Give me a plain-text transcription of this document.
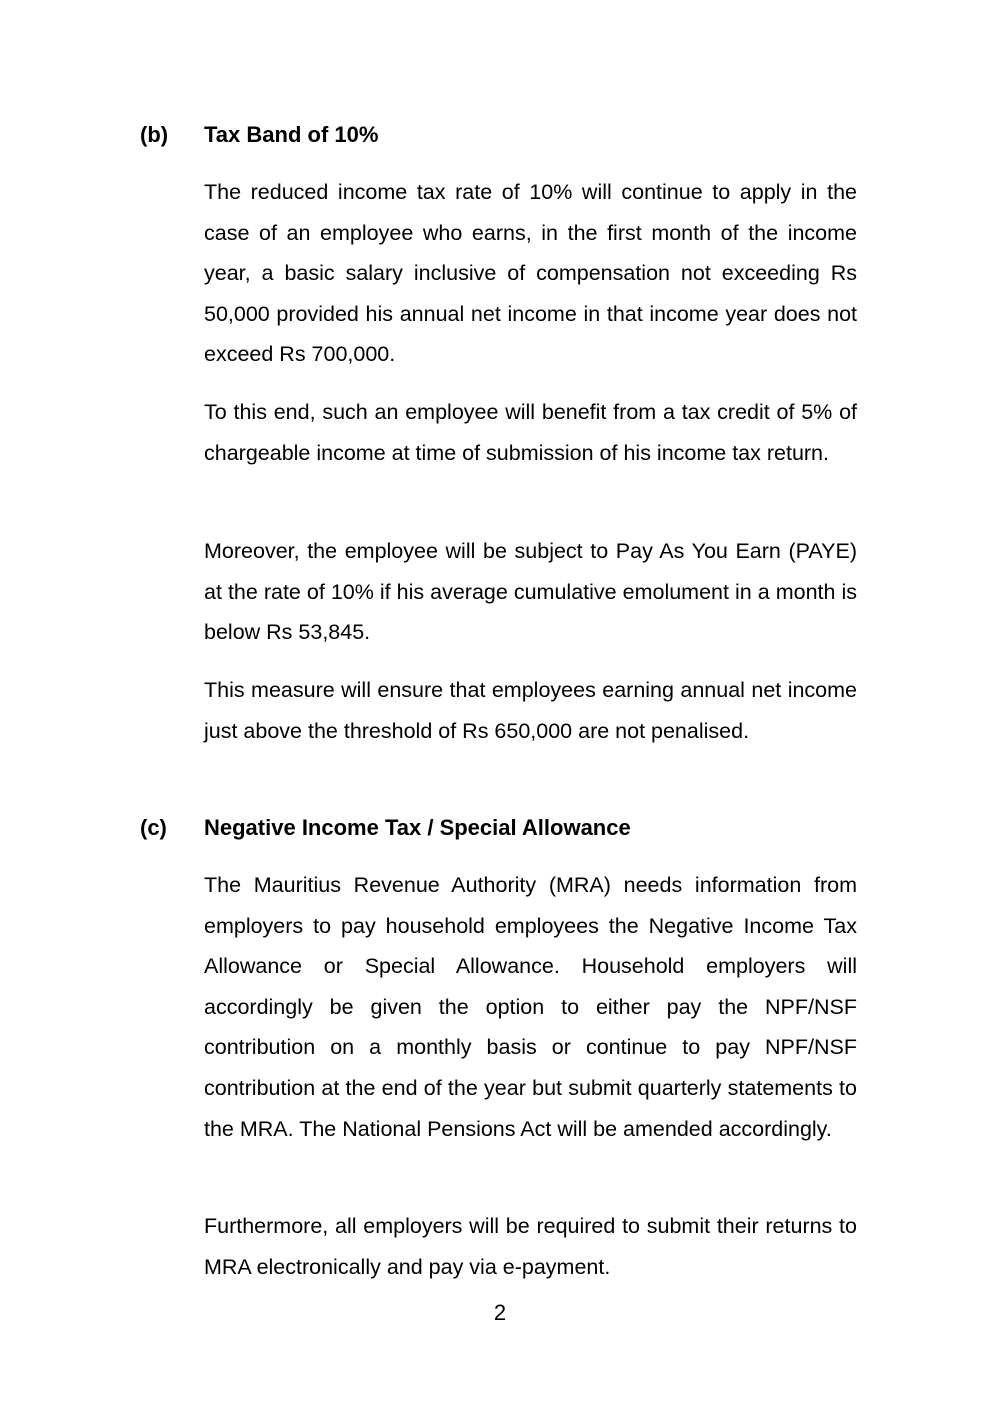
(b) Tax Band of 10%

The reduced income tax rate of 10% will continue to apply in the case of an employee who earns, in the first month of the income year, a basic salary inclusive of compensation not exceeding Rs 50,000 provided his annual net income in that income year does not exceed Rs 700,000.

To this end, such an employee will benefit from a tax credit of 5% of chargeable income at time of submission of his income tax return.

Moreover, the employee will be subject to Pay As You Earn (PAYE) at the rate of 10% if his average cumulative emolument in a month is below Rs 53,845.

This measure will ensure that employees earning annual net income just above the threshold of Rs 650,000 are not penalised.

(c) Negative Income Tax / Special Allowance

The Mauritius Revenue Authority (MRA) needs information from employers to pay household employees the Negative Income Tax Allowance or Special Allowance. Household employers will accordingly be given the option to either pay the NPF/NSF contribution on a monthly basis or continue to pay NPF/NSF contribution at the end of the year but submit quarterly statements to the MRA. The National Pensions Act will be amended accordingly.

Furthermore, all employers will be required to submit their returns to MRA electronically and pay via e-payment.

2
